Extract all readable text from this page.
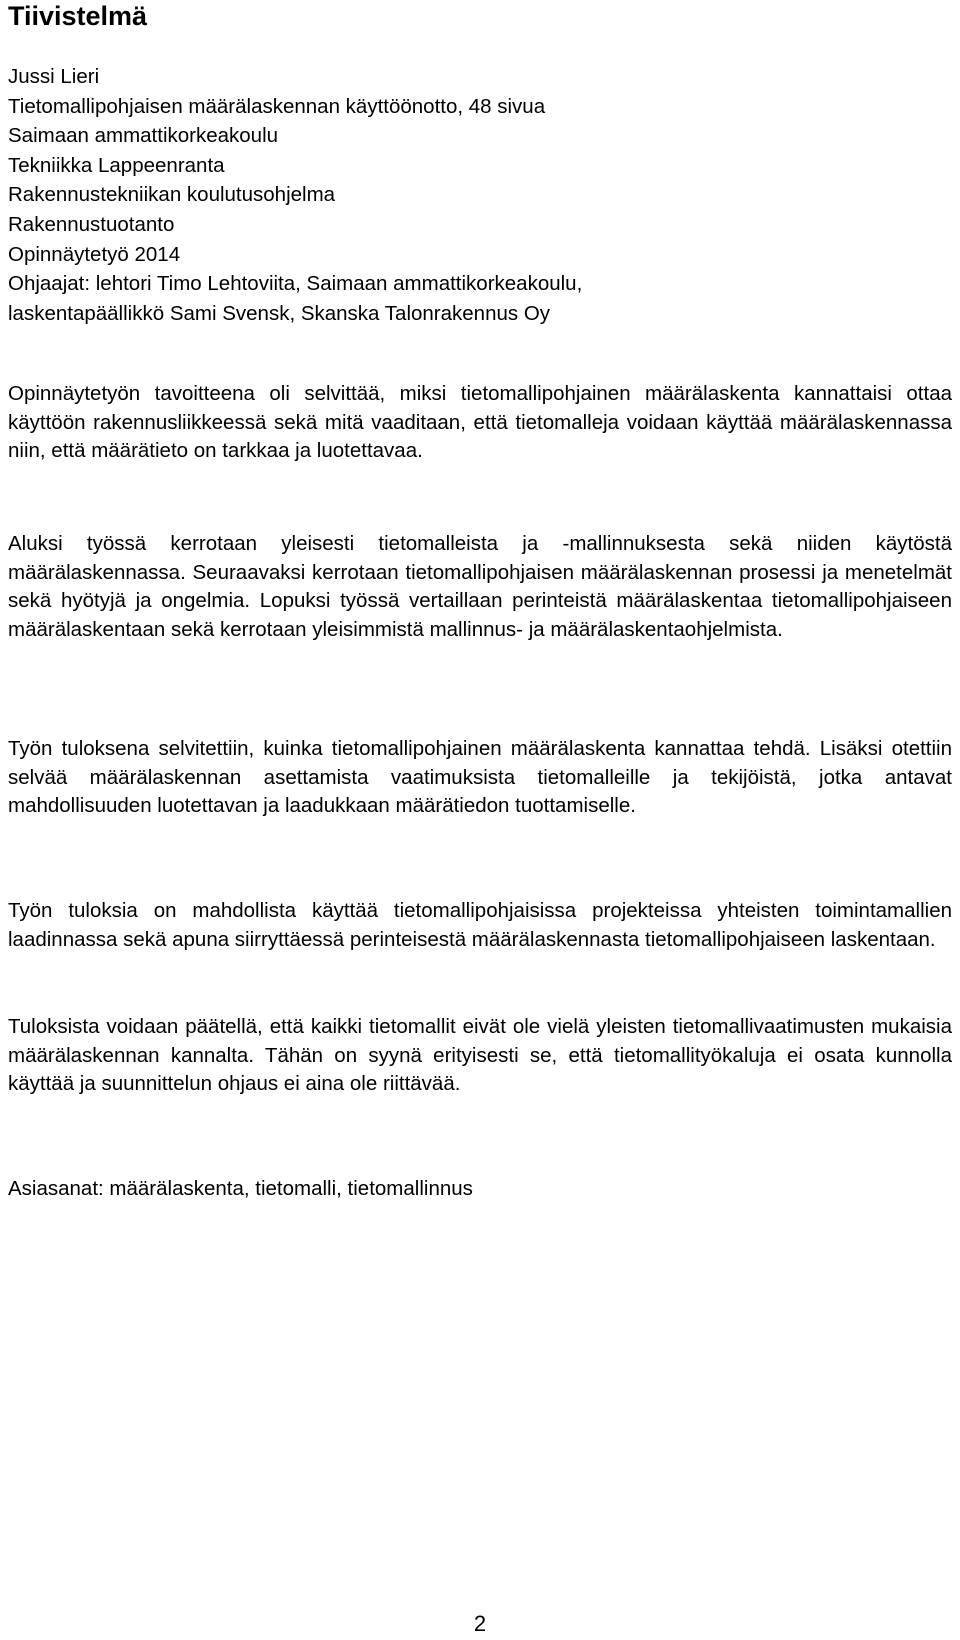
Tiivistelmä
Jussi Lieri
Tietomallipohjaisen määrälaskennan käyttöönotto, 48 sivua
Saimaan ammattikorkeakoulu
Tekniikka Lappeenranta
Rakennustekniikan koulutusohjelma
Rakennustuotanto
Opinnäytetyö 2014
Ohjaajat: lehtori Timo Lehtoviita, Saimaan ammattikorkeakoulu,
laskentapäällikkö Sami Svensk, Skanska Talonrakennus Oy

Opinnäytetyön tavoitteena oli selvittää, miksi tietomallipohjainen määrälaskenta kannattaisi ottaa käyttöön rakennusliikkeessä sekä mitä vaaditaan, että tietomalleja voidaan käyttää määrälaskennassa niin, että määrätieto on tarkkaa ja luotettavaa.

Aluksi työssä kerrotaan yleisesti tietomalleista ja -mallinnuksesta sekä niiden käytöstä määrälaskennassa. Seuraavaksi kerrotaan tietomallipohjaisen määrälaskennan prosessi ja menetelmät sekä hyötyjä ja ongelmia. Lopuksi työssä vertaillaan perinteistä määrälaskentaa tietomallipohjaiseen määrälaskentaan sekä kerrotaan yleisimmistä mallinnus- ja määrälaskentaohjelmista.

Työn tuloksena selvitettiin, kuinka tietomallipohjainen määrälaskenta kannattaa tehdä. Lisäksi otettiin selvää määrälaskennan asettamista vaatimuksista tietomalleille ja tekijöistä, jotka antavat mahdollisuuden luotettavan ja laadukkaan määrätiedon tuottamiselle.

Työn tuloksia on mahdollista käyttää tietomallipohjaisissa projekteissa yhteisten toimintamallien laadinnassa sekä apuna siirryttäessä perinteisestä määrälaskennasta tietomallipohjaiseen laskentaan.

Tuloksista voidaan päätellä, että kaikki tietomallit eivät ole vielä yleisten tietomallivaatimusten mukaisia määrälaskennan kannalta. Tähän on syynä erityisesti se, että tietomallityökaluja ei osata kunnolla käyttää ja suunnittelun ohjaus ei aina ole riittävää.

Asiasanat: määrälaskenta, tietomalli, tietomallinnus

2
